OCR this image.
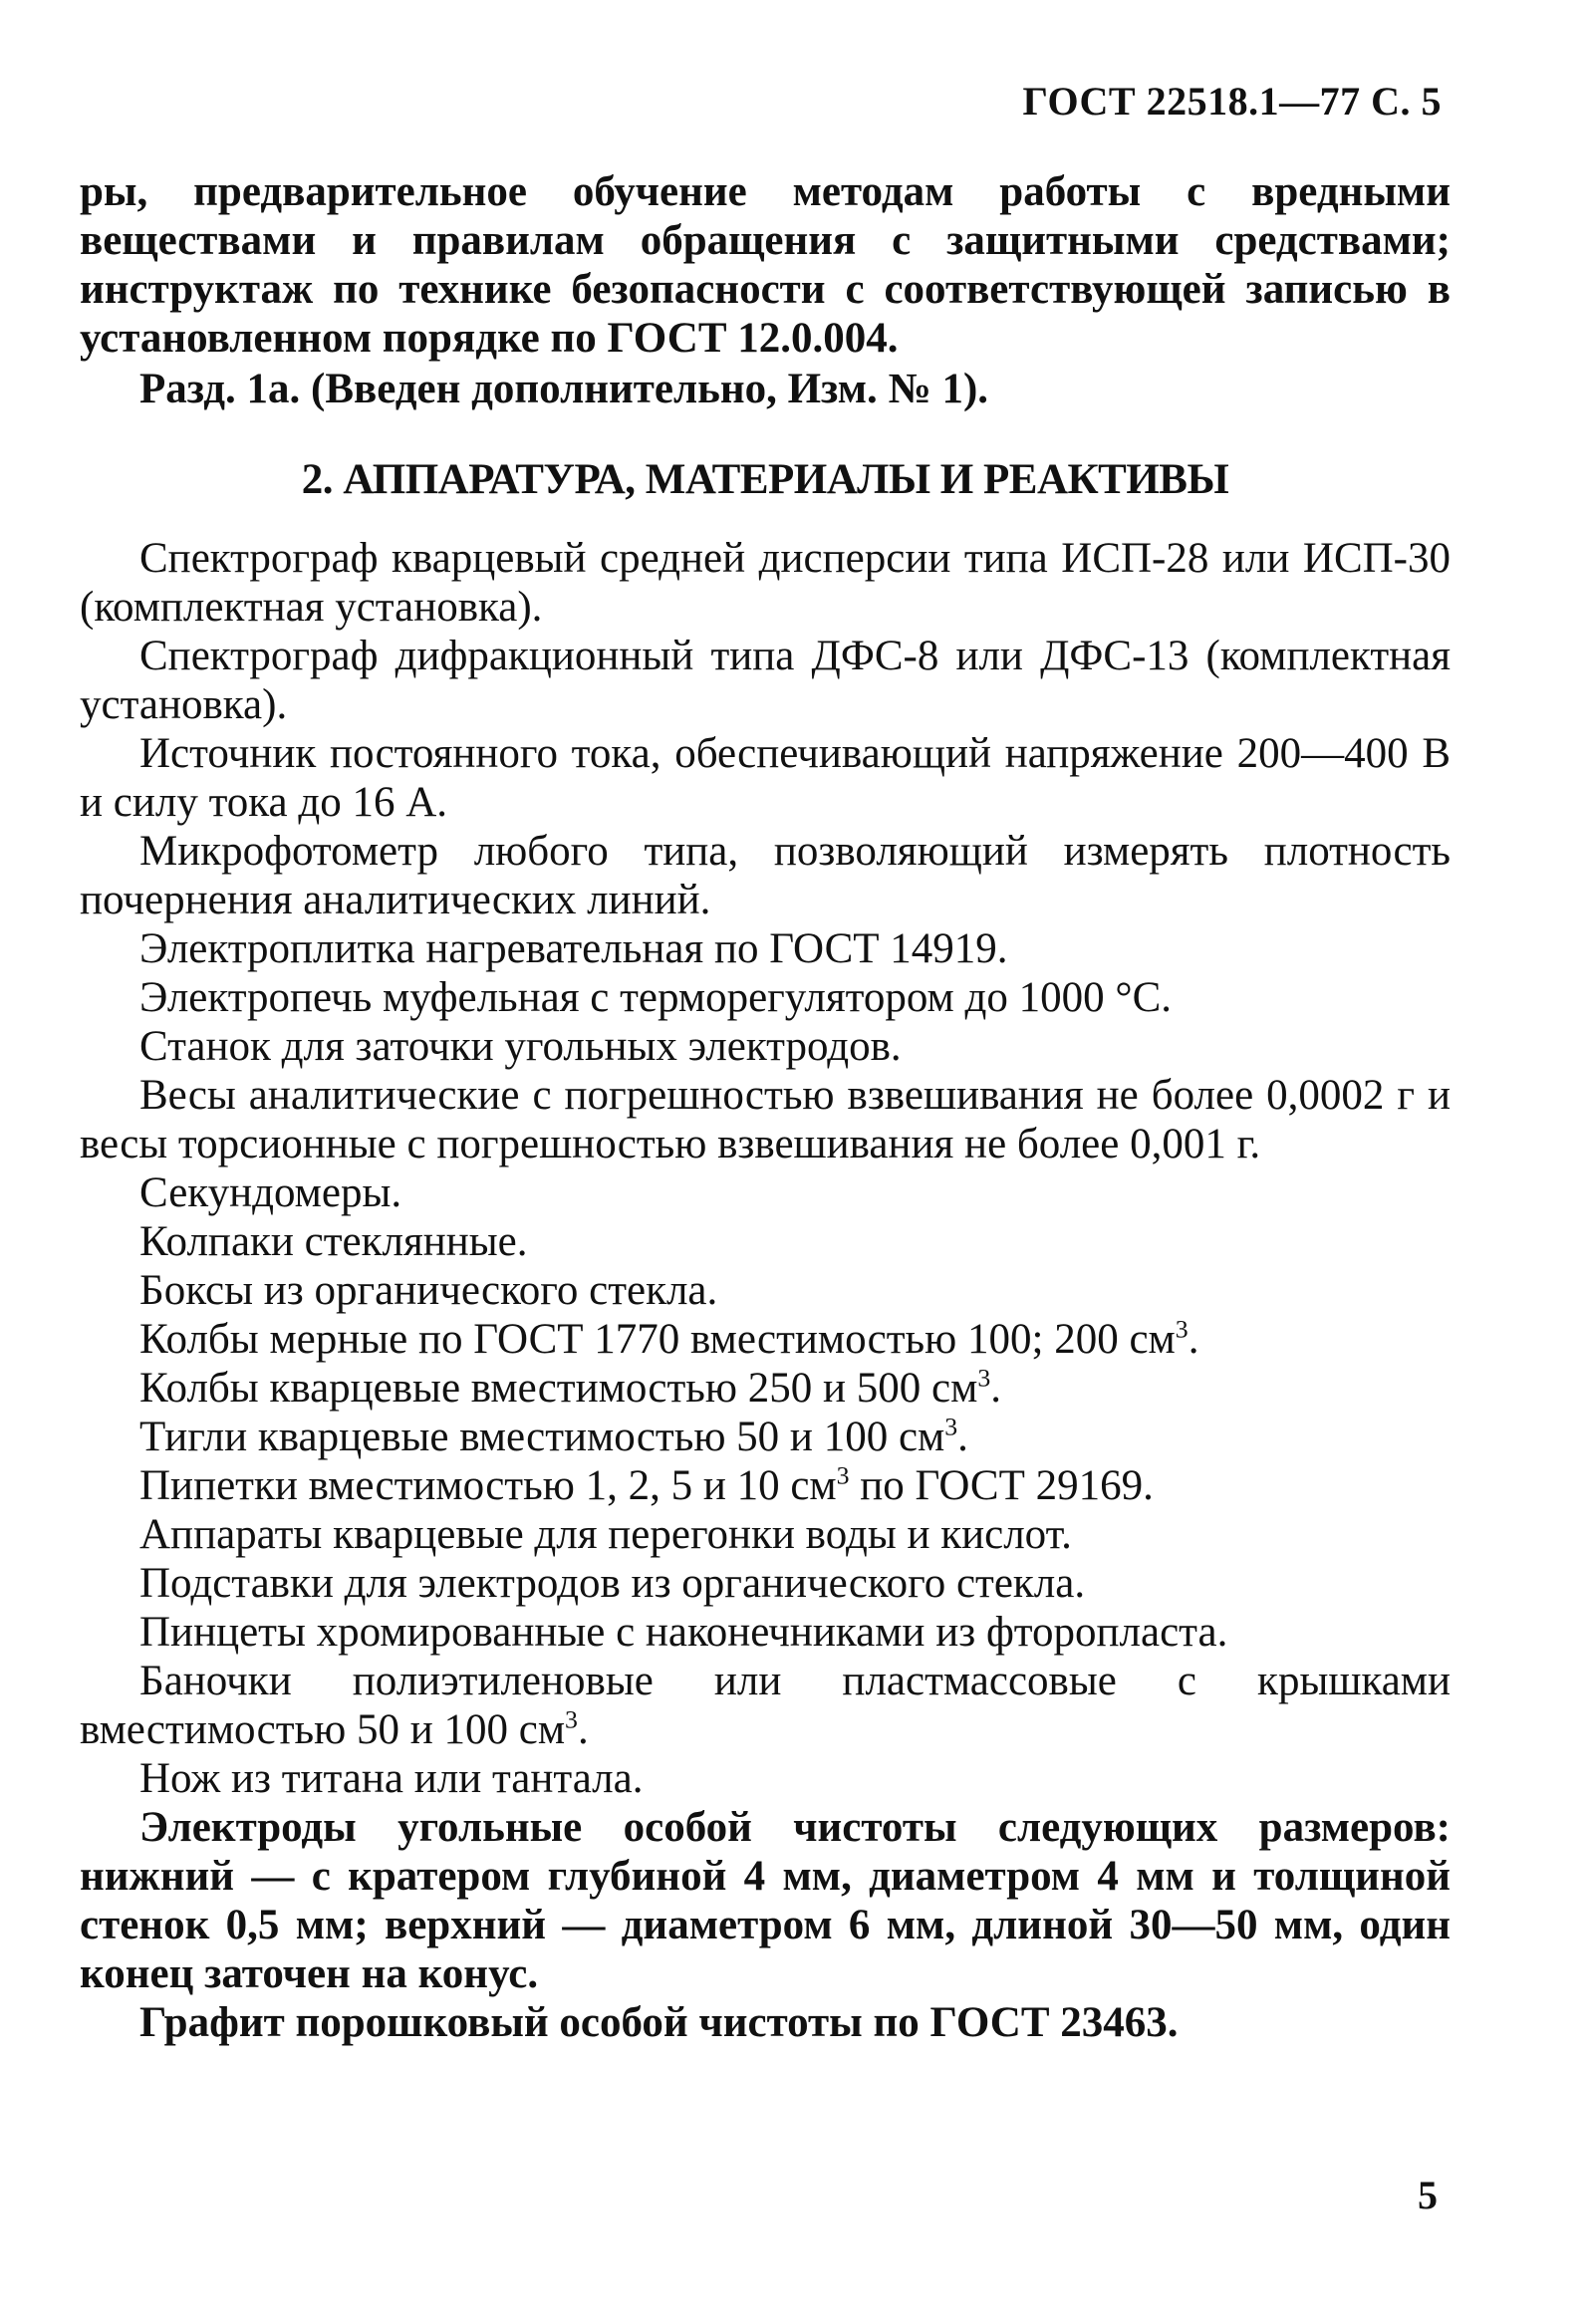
ГОСТ 22518.1—77 С. 5

ры, предварительное обучение методам работы с вредными веществами и правилам обращения с защитными средствами; инструктаж по технике безопасности с соответствующей записью в установленном порядке по ГОСТ 12.0.004.

Разд. 1а. (Введен дополнительно, Изм. № 1).

2. АППАРАТУРА, МАТЕРИАЛЫ И РЕАКТИВЫ

Спектрограф кварцевый средней дисперсии типа ИСП-28 или ИСП-30 (комплектная установка).

Спектрограф дифракционный типа ДФС-8 или ДФС-13 (комплектная установка).

Источник постоянного тока, обеспечивающий напряжение 200—400 В и силу тока до 16 А.

Микрофотометр любого типа, позволяющий измерять плотность почернения аналитических линий.

Электроплитка нагревательная по ГОСТ 14919.

Электропечь муфельная с терморегулятором до 1000 °С.

Станок для заточки угольных электродов.

Весы аналитические с погрешностью взвешивания не более 0,0002 г и весы торсионные с погрешностью взвешивания не более 0,001 г.

Секундомеры.

Колпаки стеклянные.

Боксы из органического стекла.

Колбы мерные по ГОСТ 1770 вместимостью 100; 200 $см^3$.

Колбы кварцевые вместимостью 250 и 500 $см^3$.

Тигли кварцевые вместимостью 50 и 100 $см^3$.

Пипетки вместимостью 1, 2, 5 и 10 $см^3$ по ГОСТ 29169.

Аппараты кварцевые для перегонки воды и кислот.

Подставки для электродов из органического стекла.

Пинцеты хромированные с наконечниками из фторопласта.

Баночки полиэтиленовые или пластмассовые с крышками вместимостью 50 и 100 $см^3$.

Нож из титана или тантала.

Электроды угольные особой чистоты следующих размеров: нижний — с кратером глубиной 4 мм, диаметром 4 мм и толщиной стенок 0,5 мм; верхний — диаметром 6 мм, длиной 30—50 мм, один конец заточен на конус.

Графит порошковый особой чистоты по ГОСТ 23463.

5
